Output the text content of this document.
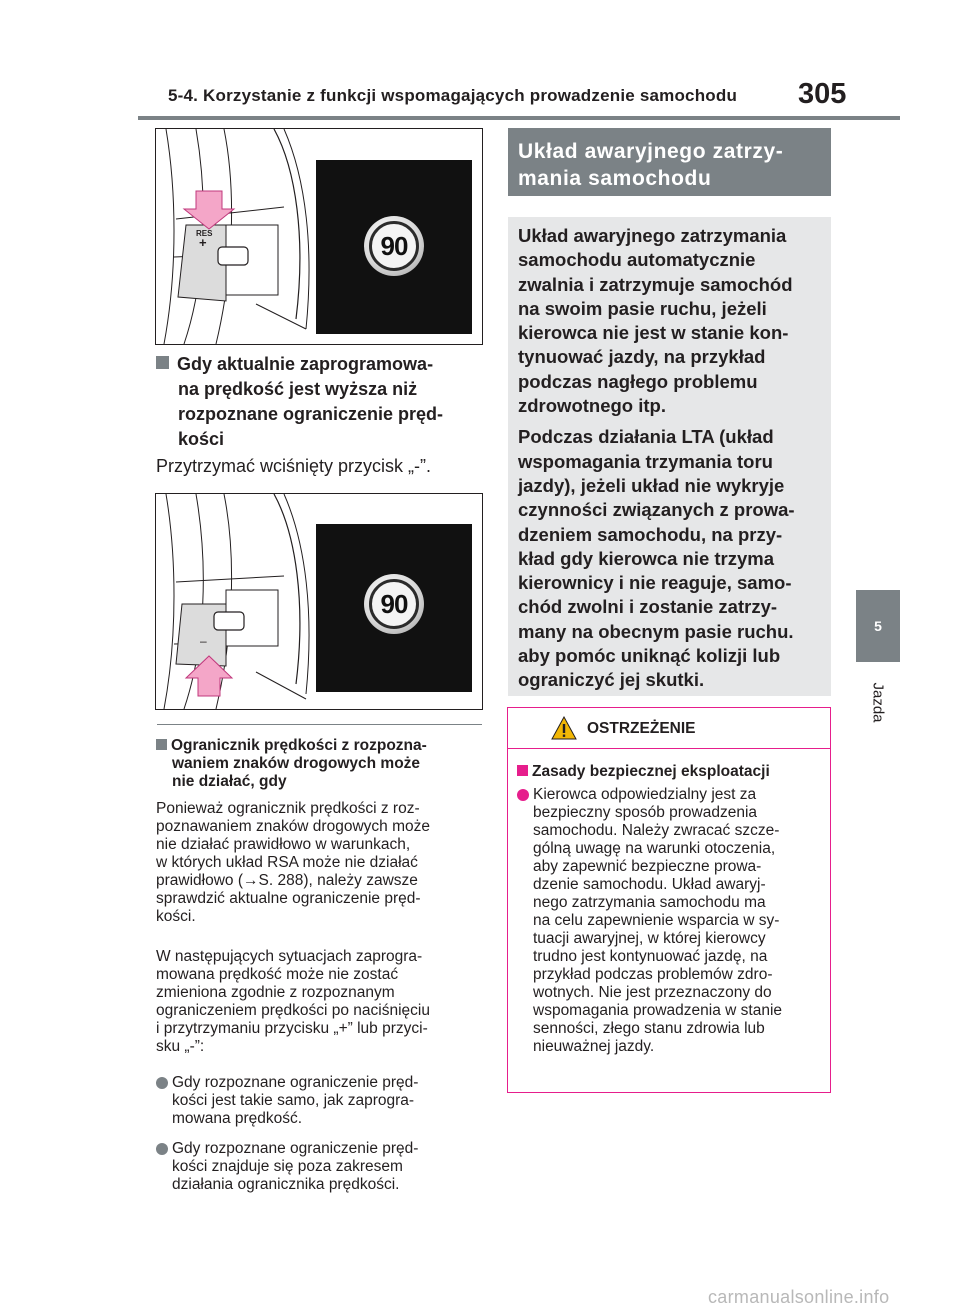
5-4. Korzystanie z funkcji wspomagających prowadzenie samochodu 305
RES
+	90
Gdy aktualnie zaprogramowa-
na prędkość jest wyższa niż
rozpoznane ograniczenie pręd-
kości
Przytrzymać wciśnięty przycisk „-”.
–
90
Ogranicznik prędkości z rozpozna-
waniem znaków drogowych może
nie działać, gdy
Ponieważ ogranicznik prędkości z roz-
poznawaniem znaków drogowych może
nie działać prawidłowo w warunkach,
w których układ RSA może nie działać
prawidłowo (→S. 288), należy zawsze
sprawdzić aktualne ograniczenie pręd-
kości.
W następujących sytuacjach zaprogra-
mowana prędkość może nie zostać
zmieniona zgodnie z rozpoznanym
ograniczeniem prędkości po naciśnięciu
i przytrzymaniu przycisku „+” lub przyci-
sku „-”:
Gdy rozpoznane ograniczenie pręd-
kości jest takie samo, jak zaprogra-
mowana prędkość.
Gdy rozpoznane ograniczenie pręd-
kości znajduje się poza zakresem
działania ogranicznika prędkości.
Układ awaryjnego zatrzy-
mania samochodu

Układ awaryjnego zatrzymania
samochodu automatycznie
zwalnia i zatrzymuje samochód
na swoim pasie ruchu, jeżeli
kierowca nie jest w stanie kon-
tynuować jazdy, na przykład
podczas nagłego problemu
zdrowotnego itp.

Podczas działania LTA (układ
wspomagania trzymania toru
jazdy), jeżeli układ nie wykryje
czynności związanych z prowa-
dzeniem samochodu, na przy-
kład gdy kierowca nie trzyma
kierownicy i nie reaguje, samo-
chód zwolni i zostanie zatrzy-
many na obecnym pasie ruchu.
aby pomóc uniknąć kolizji lub
ograniczyć jej skutki.

OSTRZEŻENIE
Zasady bezpiecznej eksploatacji
Kierowca odpowiedzialny jest za
bezpieczny sposób prowadzenia
samochodu. Należy zwracać szcze-
gólną uwagę na warunki otoczenia,
aby zapewnić bezpieczne prowa-
dzenie samochodu. Układ awaryj-
nego zatrzymania samochodu ma
na celu zapewnienie wsparcia w sy-
tuacji awaryjnej, w której kierowcy
trudno jest kontynuować jazdę, na
przykład podczas problemów zdro-
wotnych. Nie jest przeznaczony do
wspomagania prowadzenia w stanie
senności, złego stanu zdrowia lub
nieuważnej jazdy.
5
Jazda
carmanualsonline.info
